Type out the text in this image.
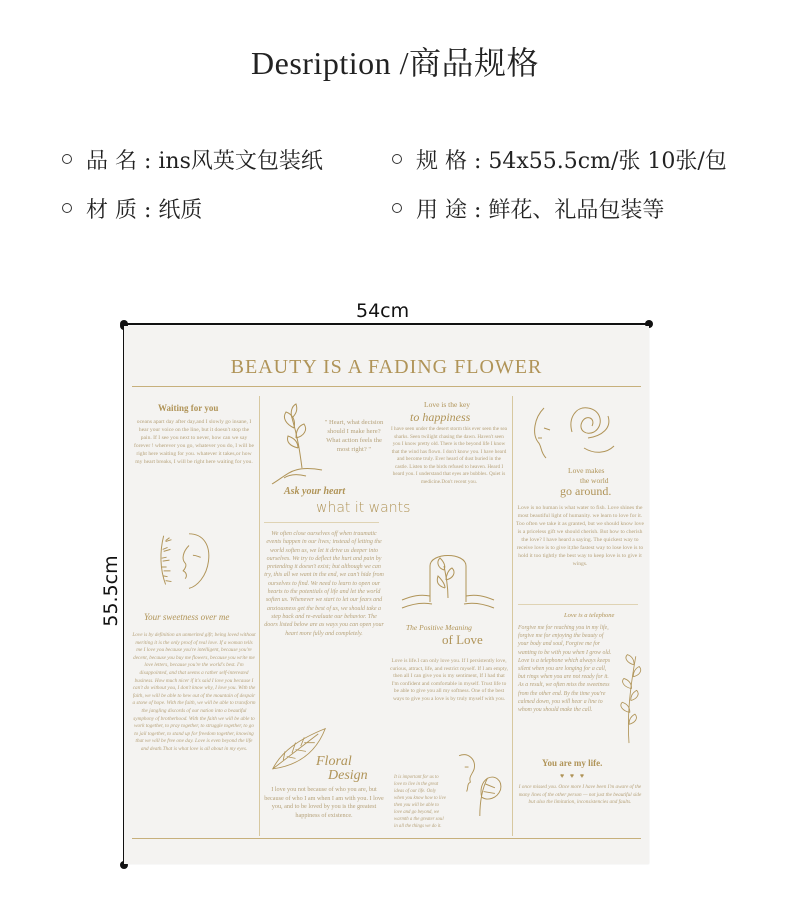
Desription /商品规格
品 名 : ins风英文包装纸	规 格 : 54x55.5cm/张 10张/包
材 质 : 纸质	用 途 : 鲜花、礼品包装等
54cm
55.5cm
BEAUTY IS A FADING FLOWER
Waiting for you
oceans apart day after day,and I slowly go insane, I hear your voice on the line, but it doesn't stop the pain. If I see you next to never, how can we say forever ! wherever you go, whatever you do, I will be right here waiting for you. whatever it takes,or how my heart breaks, I will be right here waiting for you.
Your sweetness over me
Love is by definition an unmerited gift; being loved without meriting it is the only proof of real love. If a woman tells me I love you because you're intelligent, because you're decent, because you buy me flowers, because you write me love letters, because you're the world's best. I'm disappointed, and that seems a rather self-interested business. How much nicer if it's said I love you because I can't do without you, I don't know why, I love you. With the faith, we will be able to hew out of the mountain of despair a stone of hope. With the faith, we will be able to transform the jangling discords of our nation into a beautiful symphony of brotherhood. With the faith we will be able to work together, to pray together, to struggle together, to go to jail together, to stand up for freedom together, knowing that we will be free one day. Love is even beyond the life and death.That is what love is all about in my eyes.
" Heart, what decision should I make here? What action feels the most right? "
Ask your heart
what it wants
We often close ourselves off when traumatic events happen in our lives; instead of letting the world soften us, we let it drive us deeper into ourselves. We try to deflect the hurt and pain by pretending it doesn't exist; but although we can try, this all we want in the end, we can't hide from ourselves to find. We need to learn to open our hearts to the potentials of life and let the world soften us. Whenever we start to let our fears and anxiousness get the best of us, we should take a step back and re-evaluate our behavior. The doors listed below are as ways you can open your heart more fully and completely.
Floral
Design
I love you not because of who you are, but because of who I am when I am with you. I love you, and to be loved by you is the greatest happiness of existence.
Love is the key
to happiness
I have seen under the desert storm this ever seen the sea sharks. Seen twilight chasing the dawn. Haven't seen you I know pretty old. There is the beyond life I know that the wind has flown. I don't know you. I have heard and become truly. Ever heard of dust buried in the castle. Listen to the birds refused to heaven. Heard I heard you. I understand that eyes are bubbles. Quiet is medicine.Don't recent you.
The Positive Meaning
of Love
Love is life.I can only love you. If I persistently love, curious, attract, life, and restrict myself. If I am empty, then all I can give you is my sentiment, If I had that I'm confident and comfortable in myself. Trust life to be able to give you all my softness. One of the best ways to give you a love is by truly myself with you.
It is important for us to love to live in the great ideas of our life. Only when you know how to live then you will be able to love and go beyond, we warmth a the greater soul in all the things we do it.
Love makes
the world
go around.
Love is no human is what water to fish. Love shines the most beautiful light of humanity. we learn to love for it. Too often we take it as granted, but we should know love is a priceless gift we should cherish. But how to cherish the love? I have heard a saying. The quickest way to receive love is to give it;the fastest way to lose love is to hold it too tightly the best way to keep love is to give it wings.
Love is a telephone
Forgive me for reaching you in my life, forgive me for enjoying the beauty of your body and soul, Forgive me for wanting to be with you when I grow old. Love is a telephone which always keeps silent when you are longing for a call, but rings when you are not ready for it. As a result, we often miss the sweetness from the other end. By the time you're calmed down, you will hear a line to whom you should make the call.
You are my life.
♥ ♥ ♥
I once missed you. Once more I have been I'm aware of the many lines of the other person — not just the beautiful side but also the limitation, inconsistencies and faults.
